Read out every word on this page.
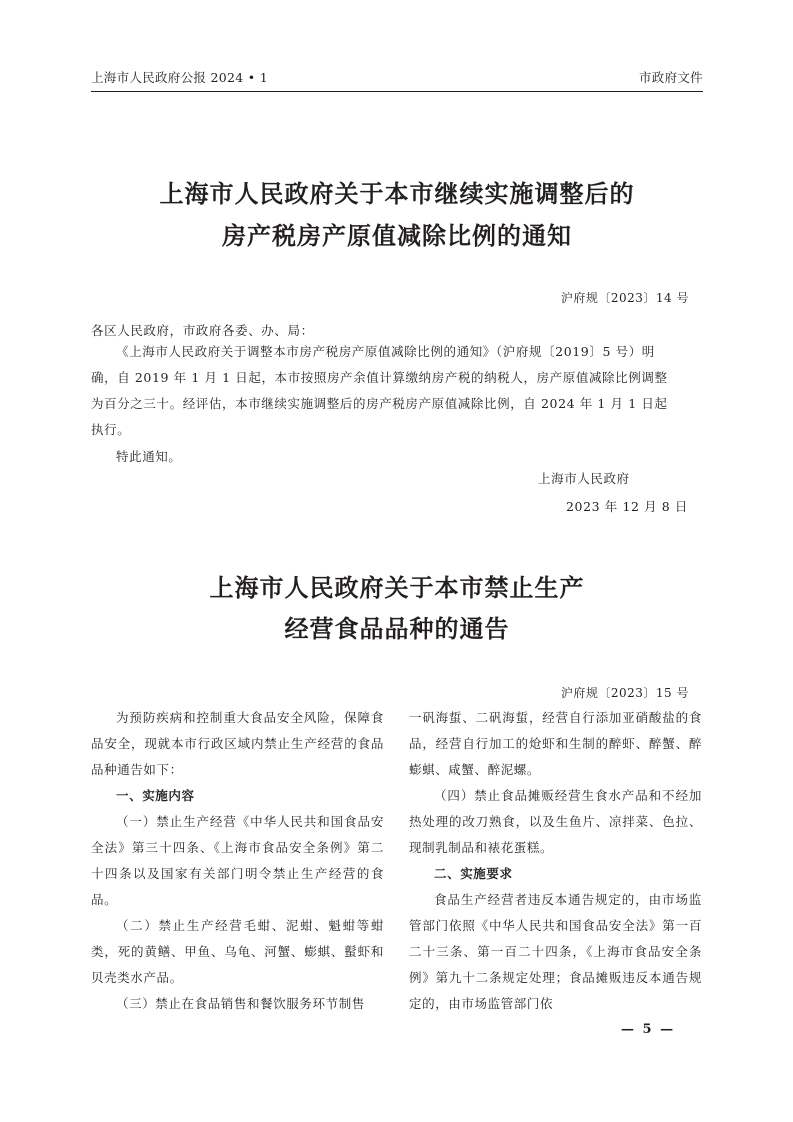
上海市人民政府公报 2024 • 1	市政府文件
上海市人民政府关于本市继续实施调整后的
房产税房产原值减除比例的通知
沪府规〔2023〕14 号
各区人民政府，市政府各委、办、局：

《上海市人民政府关于调整本市房产税房产原值减除比例的通知》（沪府规〔2019〕5 号）明

确，自 2019 年 1 月 1 日起，本市按照房产余值计算缴纳房产税的纳税人，房产原值减除比例调整

为百分之三十。经评估，本市继续实施调整后的房产税房产原值减除比例，自 2024 年 1 月 1 日起

执行。

特此通知。
上海市人民政府
2023 年 12 月 8 日
上海市人民政府关于本市禁止生产
经营食品品种的通告
沪府规〔2023〕15 号

为预防疾病和控制重大食品安全风险，保障食品安全，现就本市行政区域内禁止生产经营的食品品种通告如下：

一、实施内容

（一）禁止生产经营《中华人民共和国食品安全法》第三十四条、《上海市食品安全条例》第二十四条以及国家有关部门明令禁止生产经营的食品。

（二）禁止生产经营毛蚶、泥蚶、魁蚶等蚶类，死的黄鳝、甲鱼、乌龟、河蟹、蟛蜞、蟚虾和贝壳类水产品。

（三）禁止在食品销售和餐饮服务环节制售

一矾海蜇、二矾海蜇，经营自行添加亚硝酸盐的食品，经营自行加工的炝虾和生制的醉虾、醉蟹、醉蟛蜞、咸蟹、醉泥螺。

（四）禁止食品摊贩经营生食水产品和不经加热处理的改刀熟食，以及生鱼片、凉拌菜、色拉、现制乳制品和裱花蛋糕。

二、实施要求

食品生产经营者违反本通告规定的，由市场监管部门依照《中华人民共和国食品安全法》第一百二十三条、第一百二十四条，《上海市食品安全条例》第九十二条规定处理；食品摊贩违反本通告规定的，由市场监管部门依

— 5 —
